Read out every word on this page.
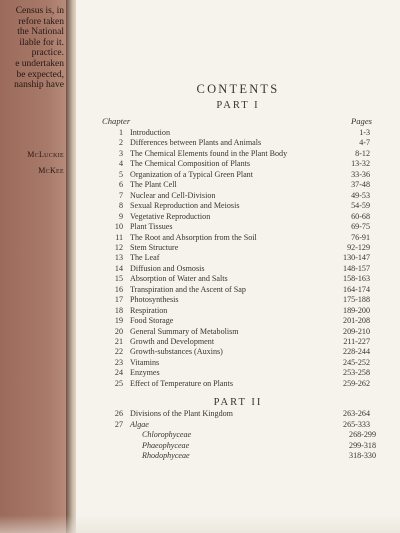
Census is, in
refore taken
the National
ilable for it.
practice.
e undertaken
be expected,
nanship have
McLuckie
McKee
CONTENTS
PART I
Chapter	Pages
1 Introduction	1-3
2 Differences between Plants and Animals	4-7
3 The Chemical Elements found in the Plant Body	8-12
4 The Chemical Composition of Plants	13-32
5 Organization of a Typical Green Plant	33-36
6 The Plant Cell	37-48
7 Nuclear and Cell-Division	49-53
8 Sexual Reproduction and Meiosis	54-59
9 Vegetative Reproduction	60-68
10 Plant Tissues	69-75
11 The Root and Absorption from the Soil	76-91
12 Stem Structure	92-129
13 The Leaf	130-147
14 Diffusion and Osmosis	148-157
15 Absorption of Water and Salts	158-163
16 Transpiration and the Ascent of Sap	164-174
17 Photosynthesis	175-188
18 Respiration	189-200
19 Food Storage	201-208
20 General Summary of Metabolism	209-210
21 Growth and Development	211-227
22 Growth-substances (Auxins)	228-244
23 Vitamins	245-252
24 Enzymes	253-258
25 Effect of Temperature on Plants	259-262
PART II
26 Divisions of the Plant Kingdom	263-264
27 Algae	265-333
Chlorophyceae	268-299
Phaeophyceae	299-318
Rhodophyceae	318-330
